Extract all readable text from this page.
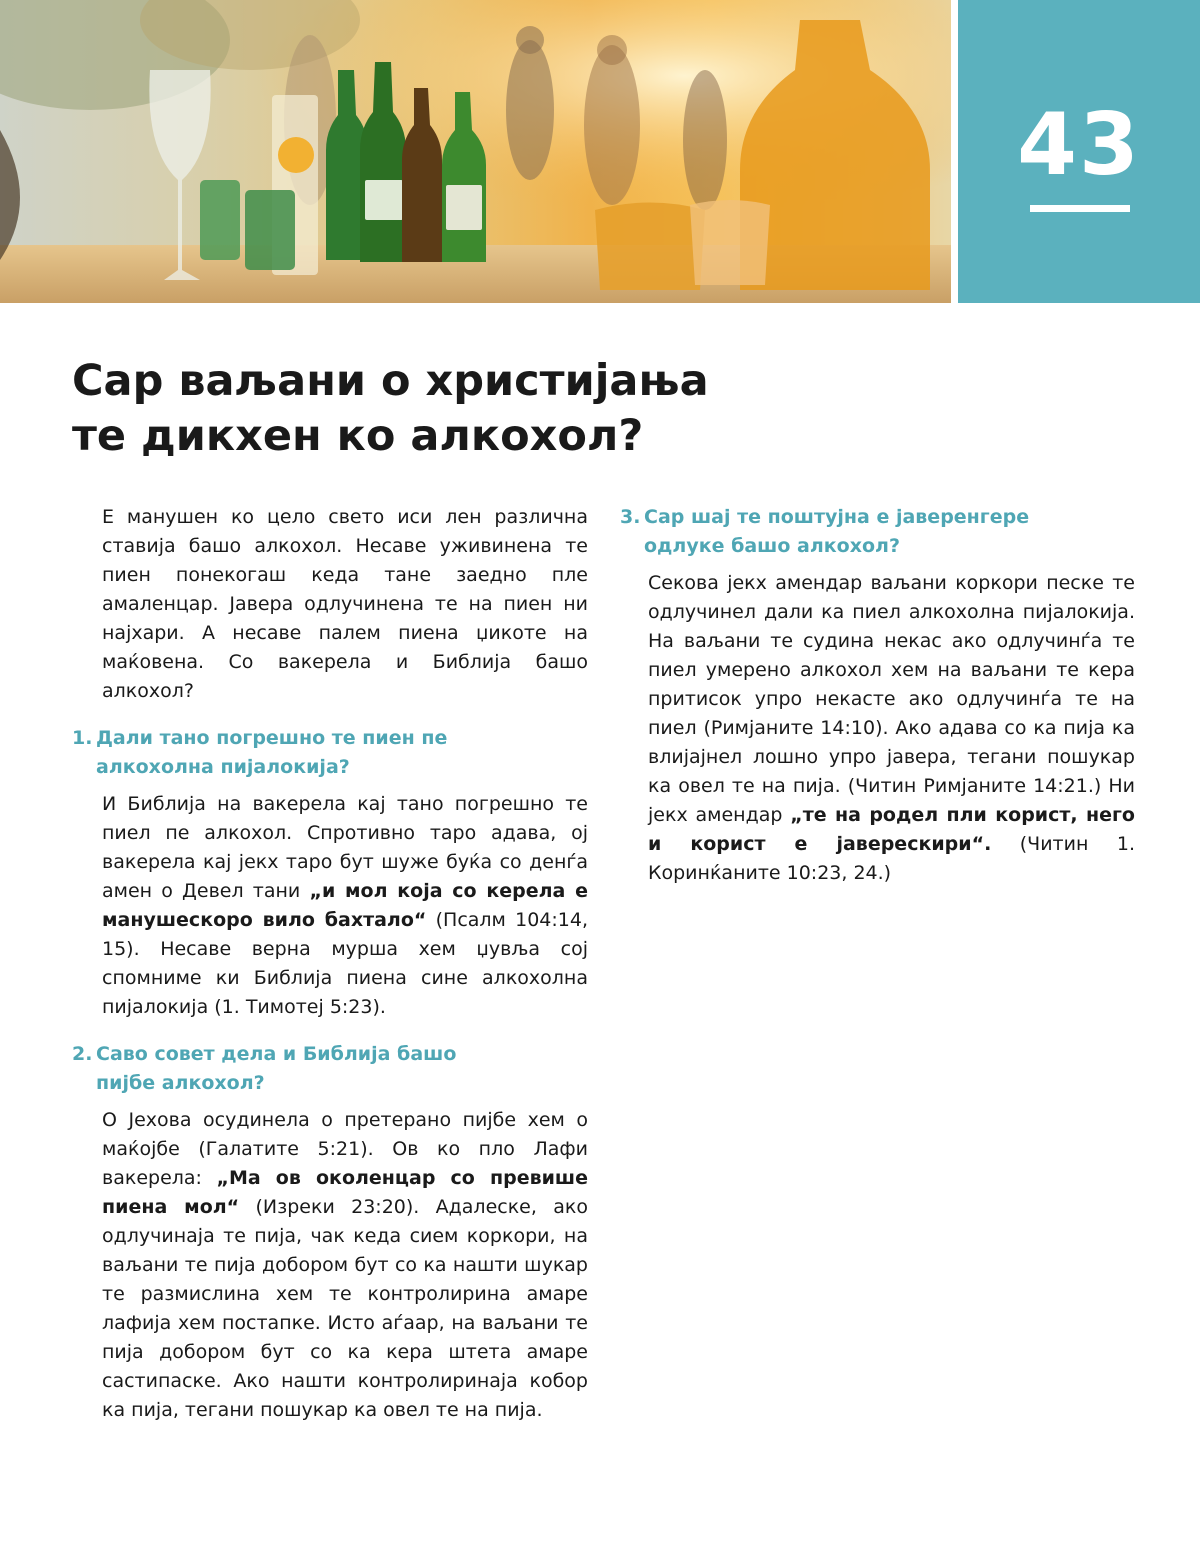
43
Сар ваљани о христијања
те дикхен ко алкохол?

Е манушен ко цело свето иси лен различна ставија башо алкохол. Несаве уживинена те пиен понекогаш кеда тане заедно пле амаленцар. Јавера одлучинена те на пиен ни најхари. А несаве палем пиена џикоте на маќовена. Со вакерела и Библија башо алкохол?

1. Дали тано погрешно те пиен пе
алкохолна пијалокија?

И Библија на вакерела кај тано погрешно те пиел пе алкохол. Спротивно таро адава, ој вакерела кај јекх таро бут шуже буќа со денѓа амен о Девел тани „и мол која со керела е манушескоро вило бахтало“ (Псалм 104:14, 15). Несаве верна мурша хем џувља сој спомниме ки Библија пиена сине алкохолна пијалокија (1. Тимотеј 5:23).

2. Саво совет дела и Библија башо
пијбе алкохол?

О Јехова осудинела о претерано пијбе хем о маќојбе (Галатите 5:21). Ов ко пло Лафи вакерела: „Ма ов околенцар со превише пиена мол“ (Изреки 23:20). Адалеске, ако одлучинаја те пија, чак кеда сием коркори, на ваљани те пија добором бут со ка нашти шукар те размислина хем те контролирина амаре лафија хем постапке. Исто аѓаар, на ваљани те пија добором бут со ка кера штета амаре састипаске. Ако нашти контролиринаја кобор ка пија, тегани пошукар ка овел те на пија.

3. Сар шај те поштујна е јаверенгере
одлуке башо алкохол?

Секова јекх амендар ваљани коркори песке те одлучинел дали ка пиел алкохолна пијалокија. На ваљани те судина некас ако одлучинѓа те пиел умерено алкохол хем на ваљани те кера притисок упро некасте ако одлучинѓа те на пиел (Римјаните 14:10). Ако адава со ка пија ка влијајнел лошно упро јавера, тегани пошукар ка овел те на пија. (Читин Римјаните 14:21.) Ни јекх амендар „те на родел пли корист, него и корист е јаверескири“. (Читин 1. Коринќаните 10:23, 24.)
